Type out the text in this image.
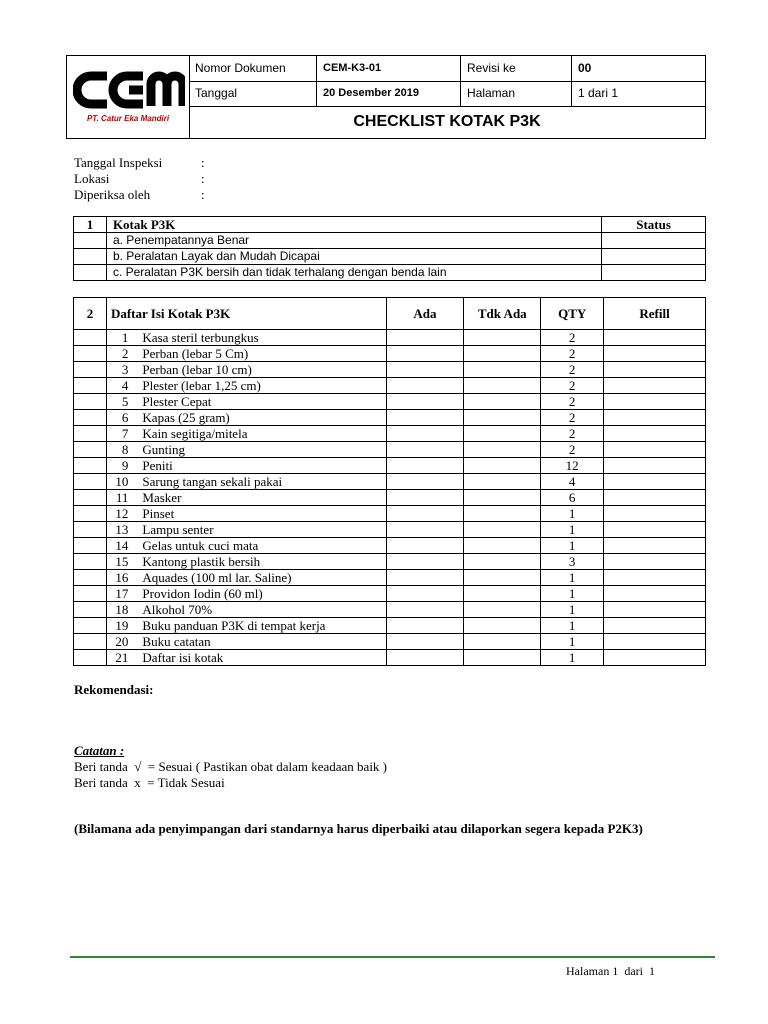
PT. Catur Eka Mandiri
Nomor Dokumen	CEM-K3-01	Revisi ke	00
Tanggal	20 Desember 2019	Halaman	1 dari 1
CHECKLIST KOTAK P3K
Tanggal Inspeksi	:
Lokasi	:
Diperiksa oleh	:
1	Kotak P3K	Status
	a. Penempatannya Benar	
	b. Peralatan Layak dan Mudah Dicapai	
	c. Peralatan P3K bersih dan tidak terhalang dengan benda lain	
2	Daftar Isi Kotak P3K		Ada	Tdk Ada	QTY	Refill
	1	Kasa steril terbungkus			2	
	2	Perban (lebar 5 Cm)			2	
	3	Perban (lebar 10 cm)			2	
	4	Plester (lebar 1,25 cm)			2	
	5	Plester Cepat			2	
	6	Kapas (25 gram)			2	
	7	Kain segitiga/mitela			2	
	8	Gunting			2	
	9	Peniti			12	
	10	Sarung tangan sekali pakai			4	
	11	Masker			6	
	12	Pinset			1	
	13	Lampu senter			1	
	14	Gelas untuk cuci mata			1	
	15	Kantong plastik bersih			3	
	16	Aquades (100 ml lar. Saline)			1	
	17	Providon Iodin (60 ml)			1	
	18	Alkohol 70%			1	
	19	Buku panduan P3K di tempat kerja			1	
	20	Buku catatan			1	
	21	Daftar isi kotak			1	
Rekomendasi:
Catatan :
Beri tanda  √  = Sesuai ( Pastikan obat dalam keadaan baik )
Beri tanda  x  = Tidak Sesuai
(Bilamana ada penyimpangan dari standarnya harus diperbaiki atau dilaporkan segera kepada P2K3)
Halaman 1  dari  1
